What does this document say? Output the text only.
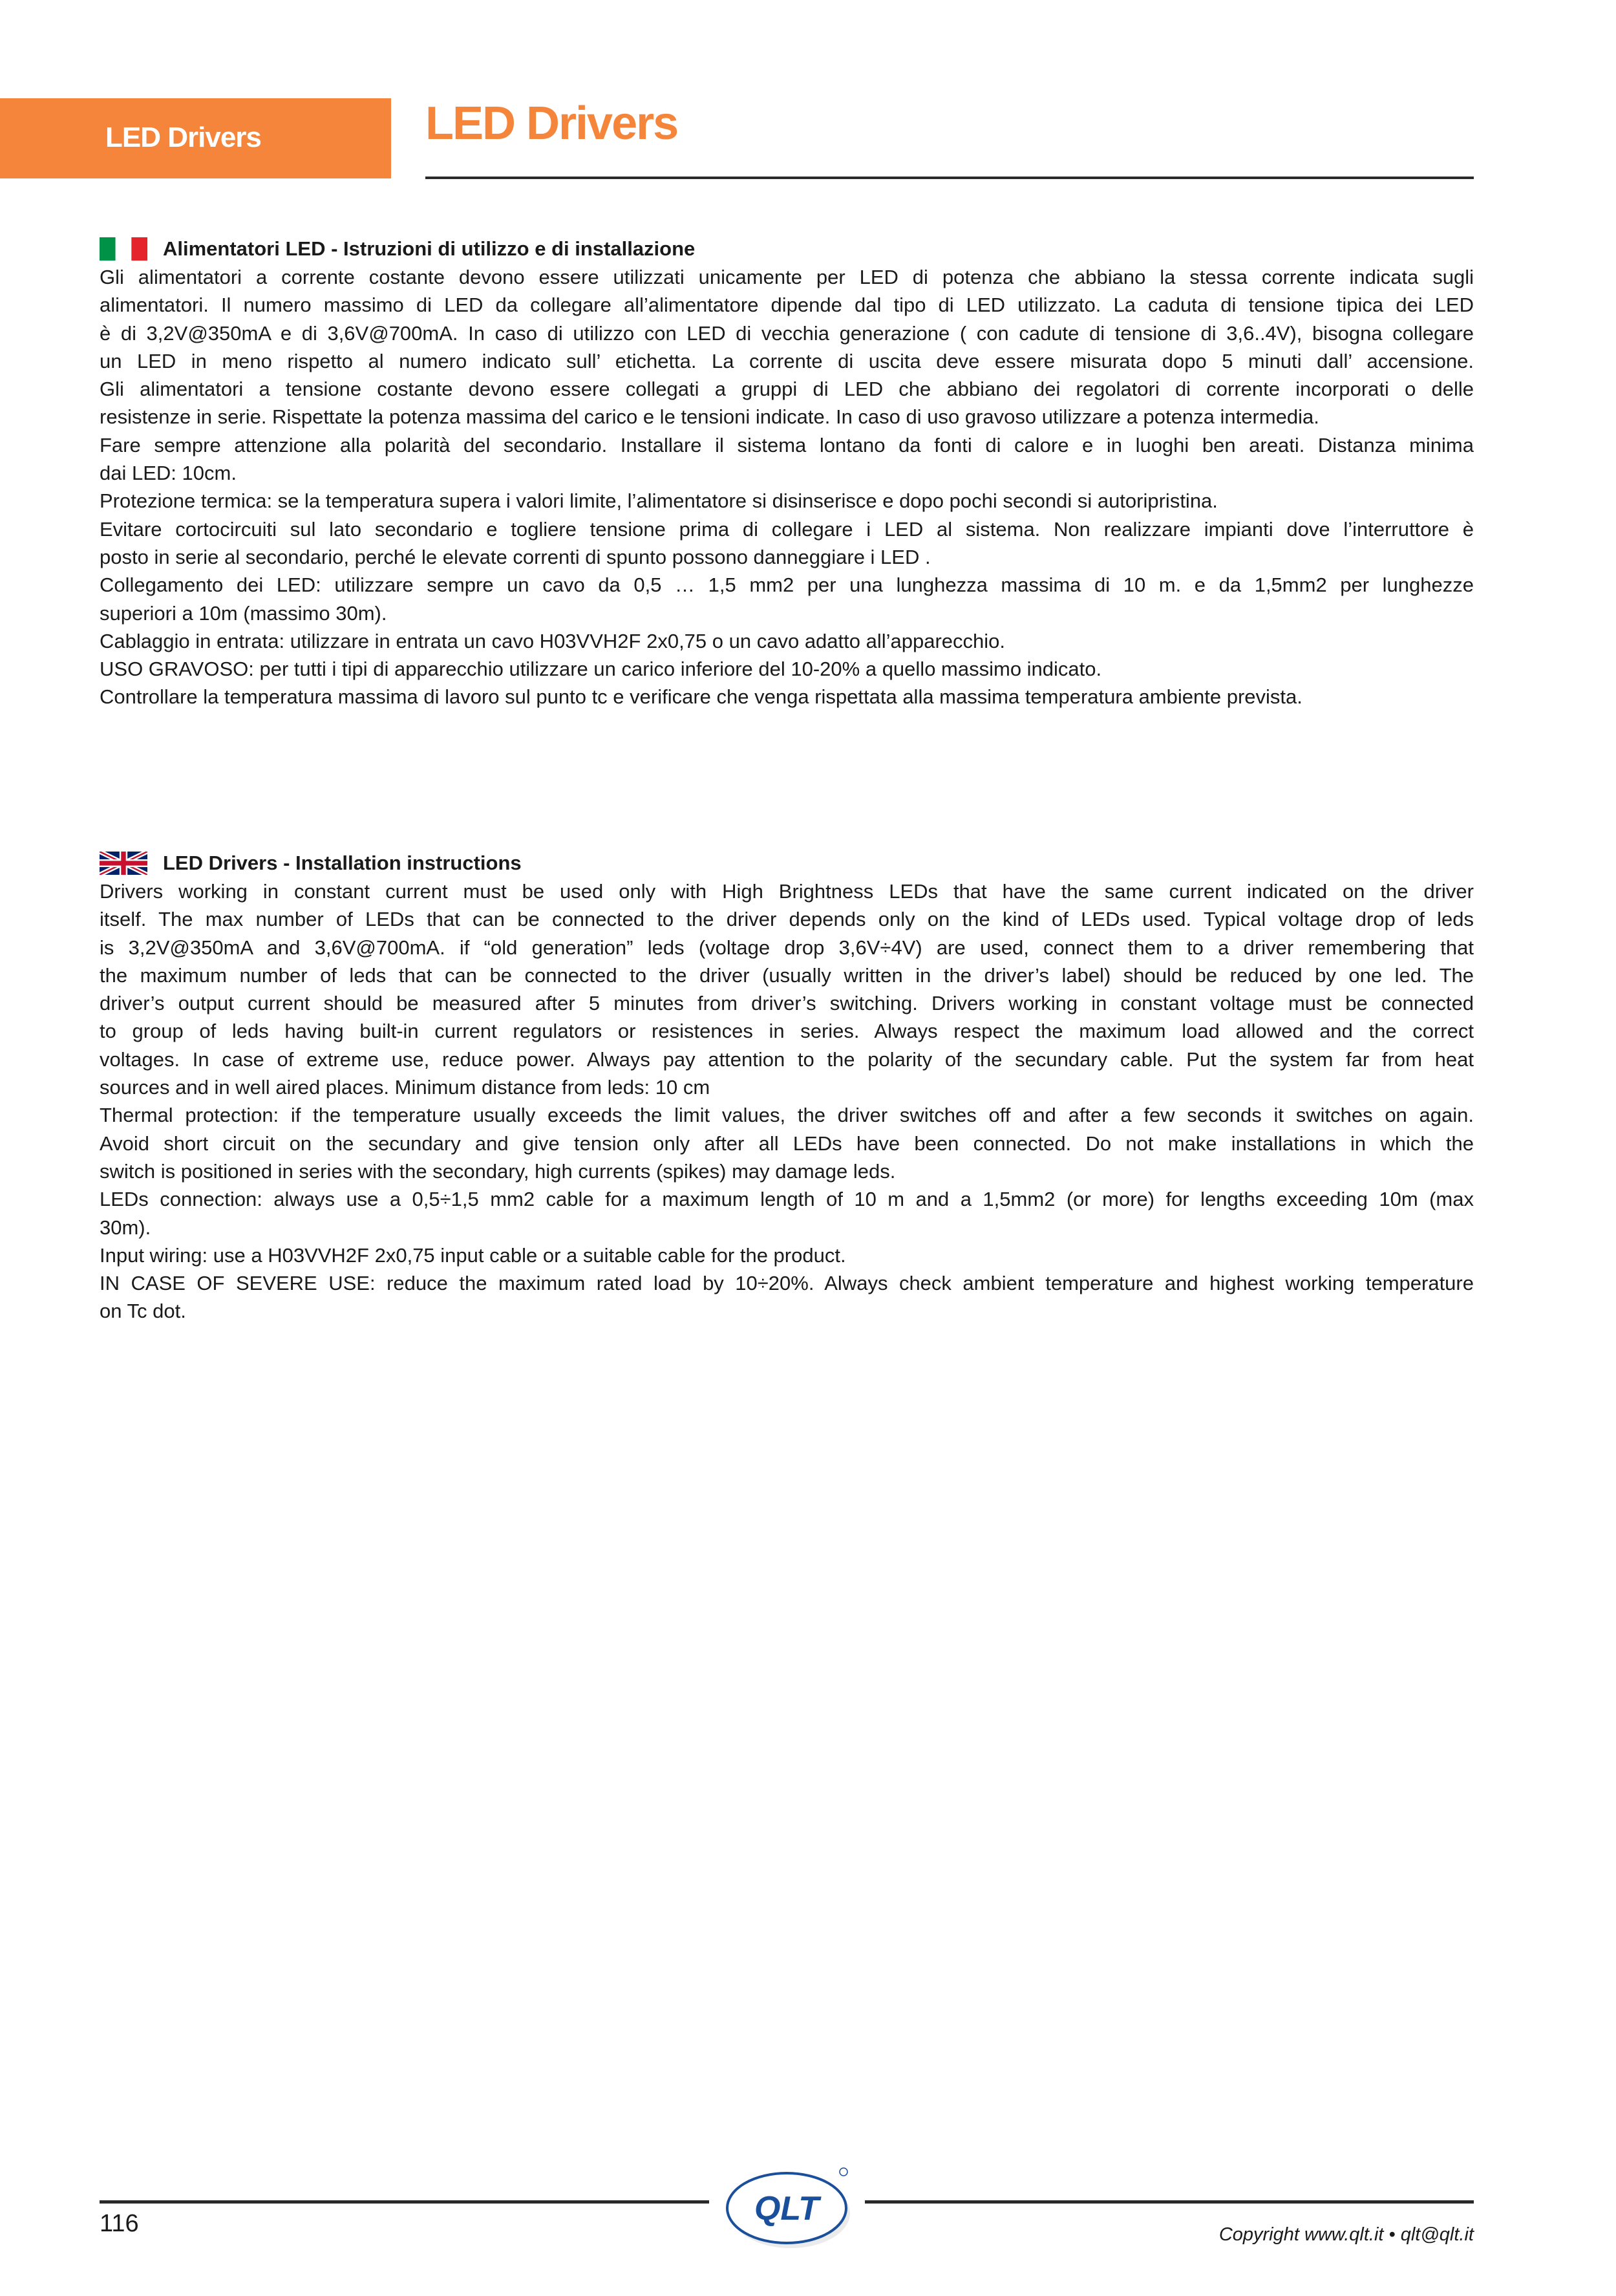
LED Drivers	LED Drivers
Alimentatori LED - Istruzioni di utilizzo e di installazione
Gli alimentatori a corrente costante devono essere utilizzati unicamente per LED di potenza che abbiano la stessa corrente indicata sugli
alimentatori. Il numero massimo di LED da collegare all’alimentatore dipende dal tipo di LED utilizzato. La caduta di tensione tipica dei LED
è di 3,2V@350mA e di 3,6V@700mA. In caso di utilizzo con LED di vecchia generazione ( con cadute di tensione di 3,6..4V), bisogna collegare
un LED in meno rispetto al numero indicato sull’ etichetta. La corrente di uscita deve essere misurata dopo 5 minuti dall’ accensione.
Gli alimentatori a tensione costante devono essere collegati a gruppi di LED che abbiano dei regolatori di corrente incorporati o delle
resistenze in serie. Rispettate la potenza massima del carico e le tensioni indicate. In caso di uso gravoso utilizzare a potenza intermedia.
Fare sempre attenzione alla polarità del secondario. Installare il sistema lontano da fonti di calore e in luoghi ben areati. Distanza minima
dai LED: 10cm.
Protezione termica: se la temperatura supera i valori limite, l’alimentatore si disinserisce e dopo pochi secondi si autoripristina.
Evitare cortocircuiti sul lato secondario e togliere tensione prima di collegare i LED al sistema. Non realizzare impianti dove l’interruttore è
posto in serie al secondario, perché le elevate correnti di spunto possono danneggiare i LED .
Collegamento dei LED: utilizzare sempre un cavo da 0,5 … 1,5 mm2 per una lunghezza massima di 10 m. e da 1,5mm2 per lunghezze
superiori a 10m (massimo 30m).
Cablaggio in entrata: utilizzare in entrata un cavo H03VVH2F 2x0,75 o un cavo adatto all’apparecchio.
USO GRAVOSO: per tutti i tipi di apparecchio utilizzare un carico inferiore del 10-20% a quello massimo indicato.
Controllare la temperatura massima di lavoro sul punto tc e verificare che venga rispettata alla massima temperatura ambiente prevista.
LED Drivers - Installation instructions
Drivers working in constant current must be used only with High Brightness LEDs that have the same current indicated on the driver
itself. The max number of LEDs that can be connected to the driver depends only on the kind of LEDs used. Typical voltage drop of leds
is 3,2V@350mA and 3,6V@700mA. if “old generation” leds (voltage drop 3,6V÷4V) are used, connect them to a driver remembering that
the maximum number of leds that can be connected to the driver (usually written in the driver’s label) should be reduced by one led. The
driver’s output current should be measured after 5 minutes from driver’s switching. Drivers working in constant voltage must be connected
to group of leds having built-in current regulators or resistences in series. Always respect the maximum load allowed and the correct
voltages. In case of extreme use, reduce power. Always pay attention to the polarity of the secundary cable. Put the system far from heat
sources and in well aired places. Minimum distance from leds: 10 cm
Thermal protection: if the temperature usually exceeds the limit values, the driver switches off and after a few seconds it switches on again.
Avoid short circuit on the secundary and give tension only after all LEDs have been connected. Do not make installations in which the
switch is positioned in series with the secondary, high currents (spikes) may damage leds.
LEDs connection: always use a 0,5÷1,5 mm2 cable for a maximum length of 10 m and a 1,5mm2 (or more) for lengths exceeding 10m (max
30m).
Input wiring: use a H03VVH2F 2x0,75 input cable or a suitable cable for the product.
IN CASE OF SEVERE USE: reduce the maximum rated load by 10÷20%. Always check ambient temperature and highest working temperature
on Tc dot.
116	QLT
Copyright www.qlt.it • qlt@qlt.it
